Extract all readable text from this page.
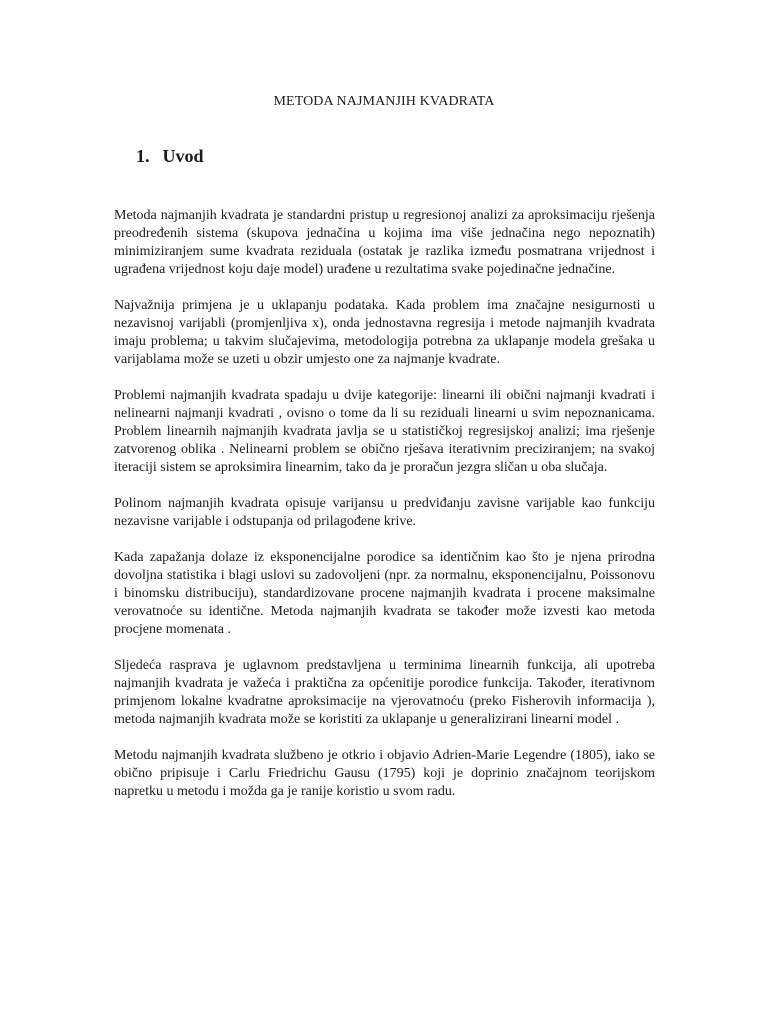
METODA NAJMANJIH KVADRATA
1. Uvod

Metoda najmanjih kvadrata je standardni pristup u regresionoj analizi za aproksimaciju rješenja preodređenih sistema (skupova jednačina u kojima ima više jednačina nego nepoznatih) minimiziranjem sume kvadrata reziduala (ostatak je razlika između posmatrana vrijednost i ugrađena vrijednost koju daje model) urađene u rezultatima svake pojedinačne jednačine.

Najvažnija primjena je u uklapanju podataka. Kada problem ima značajne nesigurnosti u nezavisnoj varijabli (promjenljiva x), onda jednostavna regresija i metode najmanjih kvadrata imaju problema; u takvim slučajevima, metodologija potrebna za uklapanje modela grešaka u varijablama može se uzeti u obzir umjesto one za najmanje kvadrate.

Problemi najmanjih kvadrata spadaju u dvije kategorije: linearni ili obični najmanji kvadrati i nelinearni najmanji kvadrati , ovisno o tome da li su reziduali linearni u svim nepoznanicama. Problem linearnih najmanjih kvadrata javlja se u statističkoj regresijskoj analizi; ima rješenje zatvorenog oblika . Nelinearni problem se obično rješava iterativnim preciziranjem; na svakoj iteraciji sistem se aproksimira linearnim, tako da je proračun jezgra sličan u oba slučaja.

Polinom najmanjih kvadrata opisuje varijansu u predviđanju zavisne varijable kao funkciju nezavisne varijable i odstupanja od prilagođene krive.

Kada zapažanja dolaze iz eksponencijalne porodice sa identičnim kao što je njena prirodna dovoljna statistika i blagi uslovi su zadovoljeni (npr. za normalnu, eksponencijalnu, Poissonovu i binomsku distribuciju), standardizovane procene najmanjih kvadrata i procene maksimalne verovatnoće su identične. Metoda najmanjih kvadrata se također može izvesti kao metoda procjene momenata .

Sljedeća rasprava je uglavnom predstavljena u terminima linearnih funkcija, ali upotreba najmanjih kvadrata je važeća i praktična za općenitije porodice funkcija. Također, iterativnom primjenom lokalne kvadratne aproksimacije na vjerovatnoću (preko Fisherovih informacija ), metoda najmanjih kvadrata može se koristiti za uklapanje u generalizirani linearni model .

Metodu najmanjih kvadrata službeno je otkrio i objavio Adrien-Marie Legendre (1805), iako se obično pripisuje i Carlu Friedrichu Gausu (1795) koji je doprinio značajnom teorijskom napretku u metodu i možda ga je ranije koristio u svom radu.
